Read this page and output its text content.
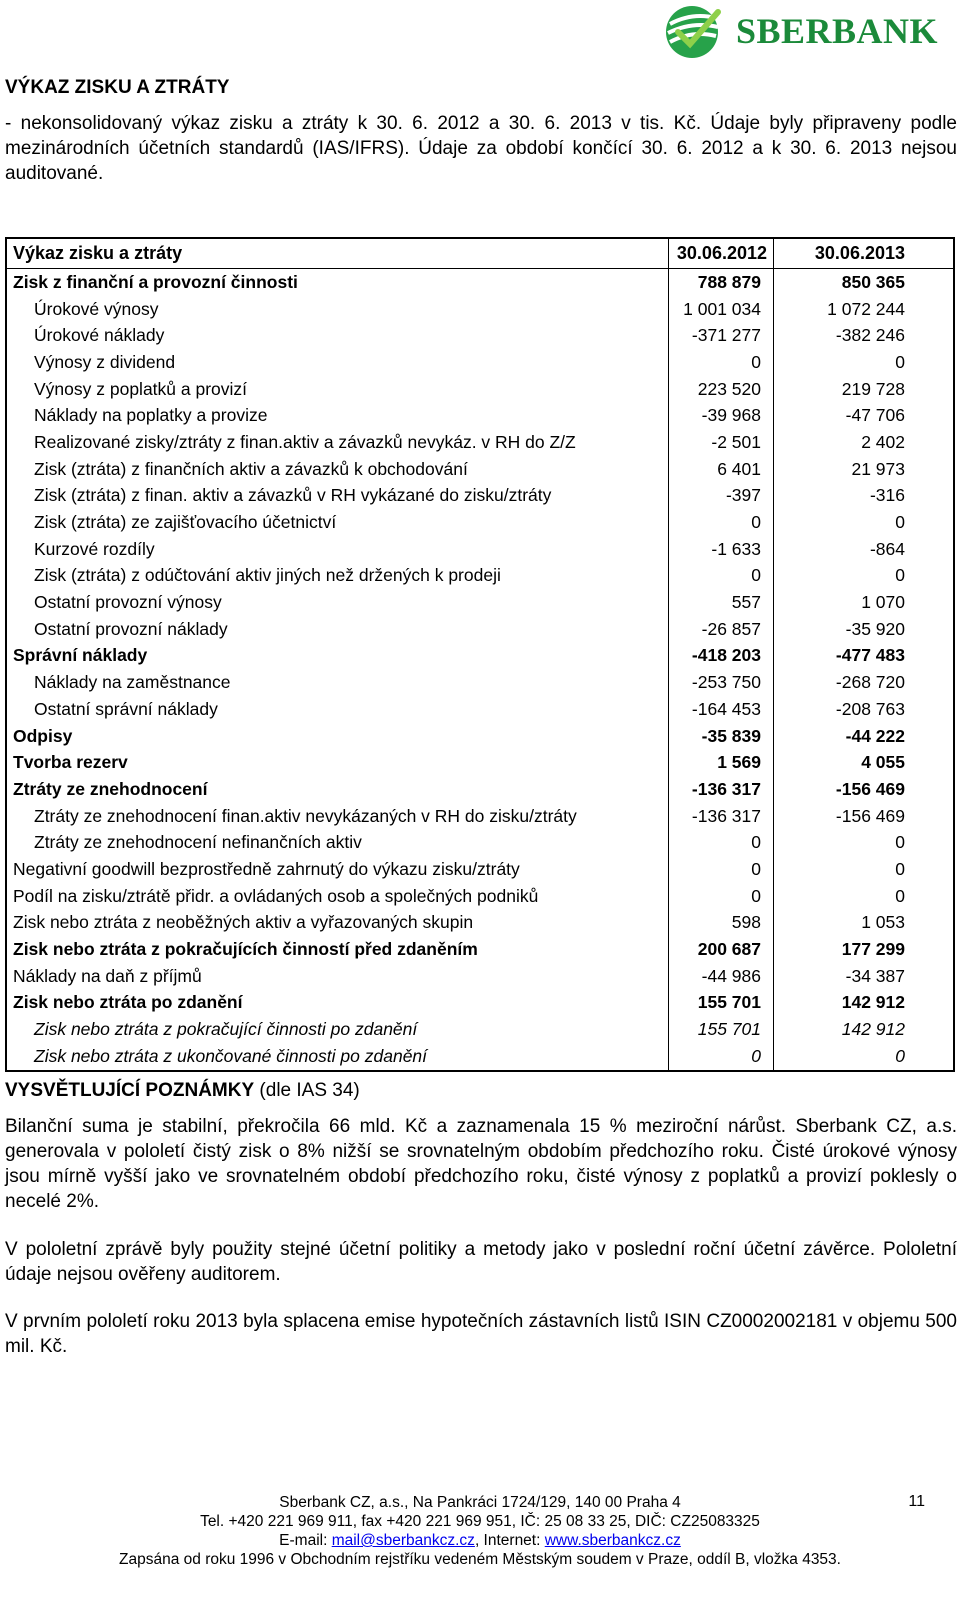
SBERBANK
VÝKAZ ZISKU A ZTRÁTY
- nekonsolidovaný výkaz zisku a ztráty k 30. 6. 2012 a 30. 6. 2013 v tis. Kč. Údaje byly připraveny podle mezinárodních účetních standardů (IAS/IFRS). Údaje za období končící 30. 6. 2012 a k 30. 6. 2013 nejsou auditované.
Výkaz zisku a ztráty	30.06.2012	30.06.2013
Zisk z finanční a provozní činnosti	788 879	850 365
Úrokové výnosy	1 001 034	1 072 244
Úrokové náklady	-371 277	-382 246
Výnosy z dividend	0	0
Výnosy z poplatků a provizí	223 520	219 728
Náklady na poplatky a provize	-39 968	-47 706
Realizované zisky/ztráty z finan.aktiv a závazků nevykáz. v RH do Z/Z	-2 501	2 402
Zisk (ztráta) z finančních aktiv a závazků k obchodování	6 401	21 973
Zisk (ztráta) z finan. aktiv a závazků v RH vykázané do zisku/ztráty	-397	-316
Zisk (ztráta) ze zajišťovacího účetnictví	0	0
Kurzové rozdíly	-1 633	-864
Zisk (ztráta) z odúčtování aktiv jiných než držených k prodeji	0	0
Ostatní provozní výnosy	557	1 070
Ostatní provozní náklady	-26 857	-35 920
Správní náklady	-418 203	-477 483
Náklady na zaměstnance	-253 750	-268 720
Ostatní správní náklady	-164 453	-208 763
Odpisy	-35 839	-44 222
Tvorba rezerv	1 569	4 055
Ztráty ze znehodnocení	-136 317	-156 469
Ztráty ze znehodnocení finan.aktiv nevykázaných v RH do zisku/ztráty	-136 317	-156 469
Ztráty ze znehodnocení nefinančních aktiv	0	0
Negativní goodwill bezprostředně zahrnutý do výkazu zisku/ztráty	0	0
Podíl na zisku/ztrátě přidr. a ovládaných osob a společných podniků	0	0
Zisk nebo ztráta z neoběžných aktiv a vyřazovaných skupin	598	1 053
Zisk nebo ztráta z pokračujících činností před zdaněním	200 687	177 299
Náklady na daň z příjmů	-44 986	-34 387
Zisk nebo ztráta po zdanění	155 701	142 912
Zisk nebo ztráta z pokračující činnosti po zdanění	155 701	142 912
Zisk nebo ztráta z ukončované činnosti po zdanění	0	0
VYSVĚTLUJÍCÍ POZNÁMKY (dle IAS 34)
Bilanční suma je stabilní, překročila 66 mld. Kč a zaznamenala 15 % meziroční nárůst. Sberbank CZ, a.s. generovala v pololetí čistý zisk o 8% nižší se srovnatelným obdobím předchozího roku. Čisté úrokové výnosy jsou mírně vyšší jako ve srovnatelném období předchozího roku, čisté výnosy z poplatků a provizí poklesly o necelé 2%.
V pololetní zprávě byly použity stejné účetní politiky a metody jako v poslední roční účetní závěrce. Pololetní údaje nejsou ověřeny auditorem.
V prvním pololetí roku 2013 byla splacena emise hypotečních zástavních listů ISIN CZ0002002181 v objemu 500 mil. Kč.
Sberbank CZ, a.s., Na Pankráci 1724/129, 140 00 Praha 4
Tel. +420 221 969 911, fax +420 221 969 951, IČ: 25 08 33 25, DIČ: CZ25083325
E-mail: mail@sberbankcz.cz, Internet: www.sberbankcz.cz
Zapsána od roku 1996 v Obchodním rejstříku vedeném Městským soudem v Praze, oddíl B, vložka 4353.
11
